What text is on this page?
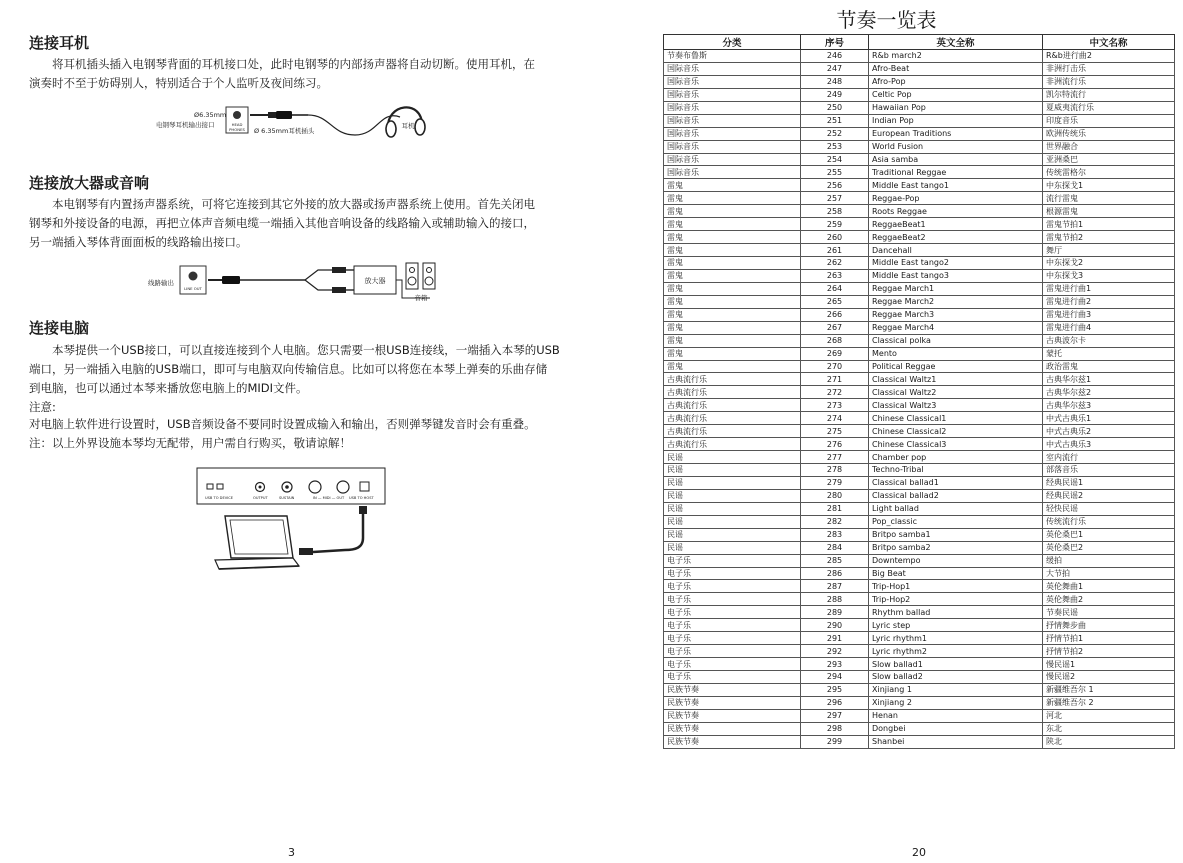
连接耳机

将耳机插头插入电钢琴背面的耳机接口处，此时电钢琴的内部扬声器将自动切断。使用耳机，在

演奏时不至于妨碍别人，特别适合于个人监听及夜间练习。

Ø6.35mm
电钢琴耳机输出接口	HEAD
PHONES Ø 6.35mm耳机插头
耳机
连接放大器或音响

本电钢琴有内置扬声器系统，可将它连接到其它外接的放大器或扬声器系统上使用。首先关闭电

钢琴和外接设备的电源，再把立体声音频电缆一端插入其他音响设备的线路输入或辅助输入的接口，

另一端插入琴体背面面板的线路输出接口。

线路输出
LINE OUT
放大器
音箱
连接电脑

本琴提供一个USB接口，可以直接连接到个人电脑。您只需要一根USB连接线，一端插入本琴的USB

端口，另一端插入电脑的USB端口，即可与电脑双向传输信息。比如可以将您在本琴上弹奏的乐曲存储

到电脑，也可以通过本琴来播放您电脑上的MIDI文件。

注意:

对电脑上软件进行设置时，USB音频设备不要同时设置成输入和输出，否则弹琴键发音时会有重叠。

注：以上外界设施本琴均无配带，用户需自行购买，敬请谅解！

USB TO DEVICE	OUTPUT	SUSTAIN	IN — MIDI — OUT USB TO HOST
3
节奏一览表
分类	序号	英文全称	中文名称
节奏布鲁斯	246	R&b march2	R&b进行曲2
国际音乐	247	Afro-Beat	非洲打击乐
国际音乐	248	Afro-Pop	非洲流行乐
国际音乐	249	Celtic Pop	凯尔特流行
国际音乐	250	Hawaiian Pop	夏威夷流行乐
国际音乐	251	Indian Pop	印度音乐
国际音乐	252	European Traditions	欧洲传统乐
国际音乐	253	World Fusion	世界融合
国际音乐	254	Asia samba	亚洲桑巴
国际音乐	255	Traditional Reggae	传统雷格尔
雷鬼	256	Middle East tango1	中东探戈1
雷鬼	257	Reggae-Pop	流行雷鬼
雷鬼	258	Roots Reggae	根源雷鬼
雷鬼	259	ReggaeBeat1	雷鬼节拍1
雷鬼	260	ReggaeBeat2	雷鬼节拍2
雷鬼	261	Dancehall	舞厅
雷鬼	262	Middle East tango2	中东探戈2
雷鬼	263	Middle East tango3	中东探戈3
雷鬼	264	Reggae March1	雷鬼进行曲1
雷鬼	265	Reggae March2	雷鬼进行曲2
雷鬼	266	Reggae March3	雷鬼进行曲3
雷鬼	267	Reggae March4	雷鬼进行曲4
雷鬼	268	Classical polka	古典波尔卡
雷鬼	269	Mento	蒙托
雷鬼	270	Political Reggae	政治雷鬼
古典流行乐	271	Classical Waltz1	古典华尔兹1
古典流行乐	272	Classical Waltz2	古典华尔兹2
古典流行乐	273	Classical Waltz3	古典华尔兹3
古典流行乐	274	Chinese Classical1	中式古典乐1
古典流行乐	275	Chinese Classical2	中式古典乐2
古典流行乐	276	Chinese Classical3	中式古典乐3
民谣	277	Chamber pop	室内流行
民谣	278	Techno-Tribal	部落音乐
民谣	279	Classical ballad1	经典民谣1
民谣	280	Classical ballad2	经典民谣2
民谣	281	Light ballad	轻快民谣
民谣	282	Pop_classic	传统流行乐
民谣	283	Britpo samba1	英伦桑巴1
民谣	284	Britpo samba2	英伦桑巴2
电子乐	285	Downtempo	缓拍
电子乐	286	Big Beat	大节拍
电子乐	287	Trip-Hop1	英伦舞曲1
电子乐	288	Trip-Hop2	英伦舞曲2
电子乐	289	Rhythm ballad	节奏民谣
电子乐	290	Lyric step	抒情舞步曲
电子乐	291	Lyric rhythm1	抒情节拍1
电子乐	292	Lyric rhythm2	抒情节拍2
电子乐	293	Slow ballad1	慢民谣1
电子乐	294	Slow ballad2	慢民谣2
民族节奏	295	Xinjiang 1	新疆维吾尔 1
民族节奏	296	Xinjiang 2	新疆维吾尔 2
民族节奏	297	Henan	河北
民族节奏	298	Dongbei	东北
民族节奏	299	Shanbei	陕北
20
